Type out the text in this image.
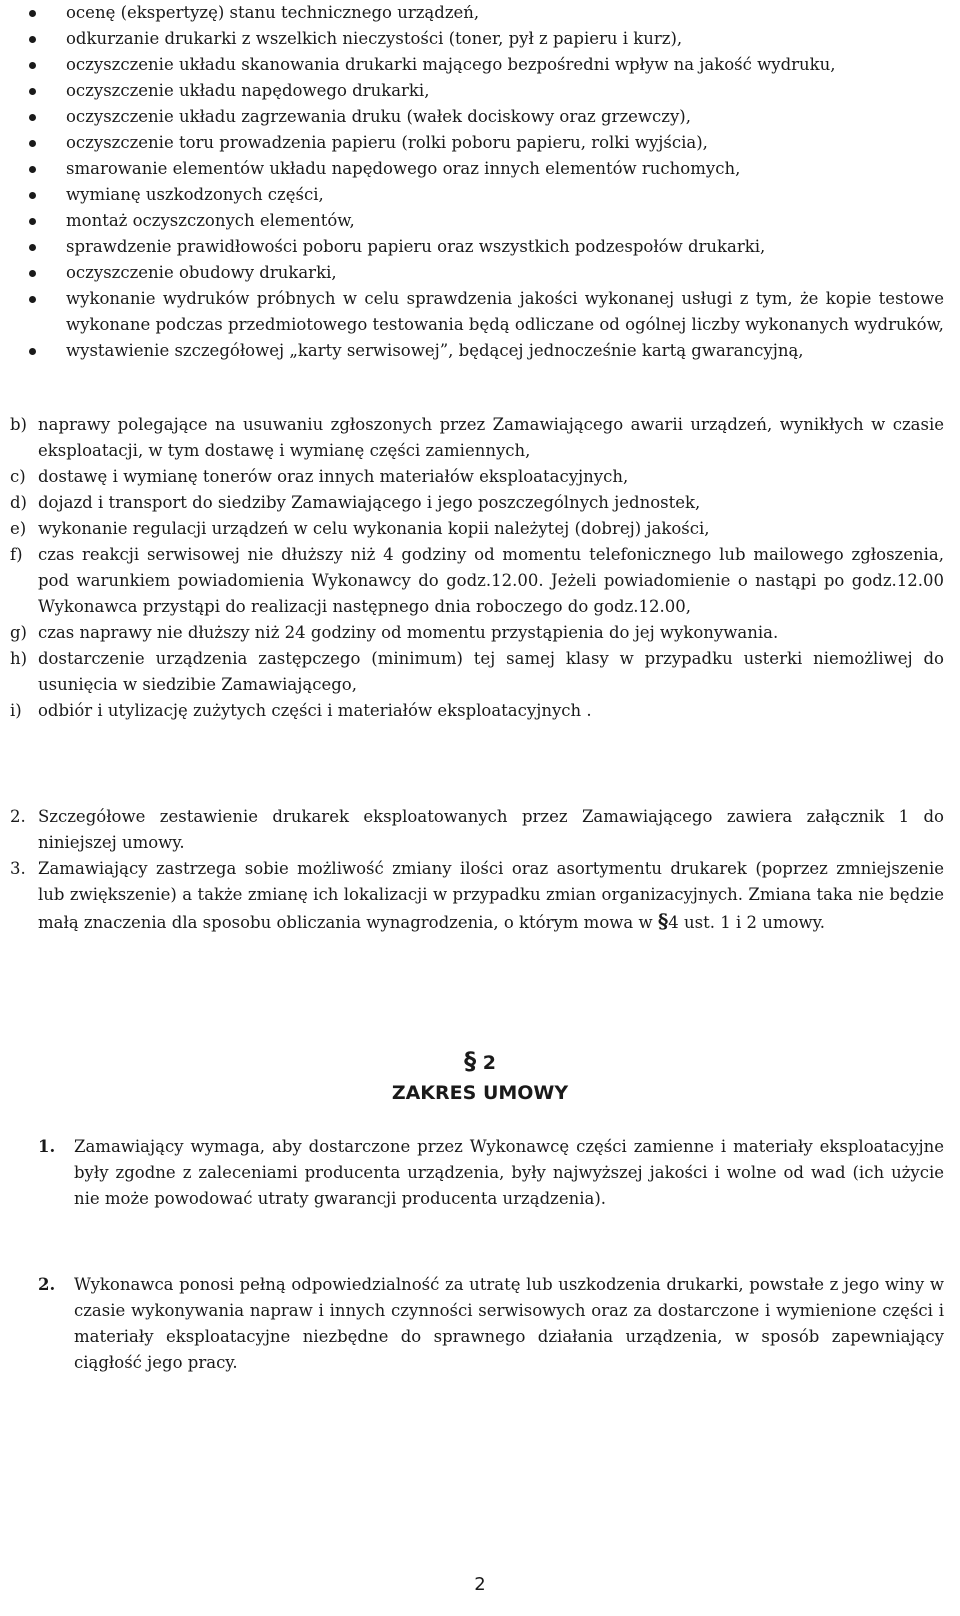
ocenę (ekspertyzę) stanu technicznego urządzeń,
odkurzanie drukarki z wszelkich nieczystości (toner, pył z papieru i kurz),
oczyszczenie układu skanowania drukarki mającego bezpośredni wpływ na jakość wydruku,
oczyszczenie układu napędowego drukarki,
oczyszczenie układu zagrzewania druku (wałek dociskowy oraz grzewczy),
oczyszczenie toru prowadzenia papieru (rolki poboru papieru, rolki wyjścia),
smarowanie elementów układu napędowego oraz innych elementów ruchomych,
wymianę uszkodzonych części,
montaż oczyszczonych elementów,
sprawdzenie prawidłowości poboru papieru oraz wszystkich podzespołów drukarki,
oczyszczenie obudowy drukarki,
wykonanie wydruków próbnych w celu sprawdzenia jakości wykonanej usługi z tym, że kopie testowe wykonane podczas przedmiotowego testowania będą odliczane od ogólnej liczby wykonanych wydruków,
wystawienie szczegółowej „karty serwisowej”, będącej jednocześnie kartą gwarancyjną,
b) naprawy polegające na usuwaniu zgłoszonych przez Zamawiającego awarii urządzeń, wynikłych w czasie eksploatacji, w tym dostawę i wymianę części zamiennych,
c) dostawę i wymianę tonerów oraz innych materiałów eksploatacyjnych,
d) dojazd i transport do siedziby Zamawiającego i jego poszczególnych jednostek,
e) wykonanie regulacji urządzeń w celu wykonania kopii należytej (dobrej) jakości,
f) czas reakcji serwisowej nie dłuższy niż 4 godziny od momentu telefonicznego lub mailowego zgłoszenia, pod warunkiem powiadomienia Wykonawcy do godz.12.00. Jeżeli powiadomienie o nastąpi po godz.12.00 Wykonawca przystąpi do realizacji następnego dnia roboczego do godz.12.00,
g) czas naprawy nie dłuższy niż 24 godziny od momentu przystąpienia do jej wykonywania.
h) dostarczenie urządzenia zastępczego (minimum) tej samej klasy w przypadku usterki niemożliwej do usunięcia w siedzibie Zamawiającego,
i) odbiór i utylizację zużytych części i materiałów eksploatacyjnych .
2. Szczegółowe zestawienie drukarek eksploatowanych przez Zamawiającego zawiera załącznik 1 do niniejszej umowy.
3. Zamawiający zastrzega sobie możliwość zmiany ilości oraz asortymentu drukarek (poprzez zmniejszenie lub zwiększenie) a także zmianę ich lokalizacji w przypadku zmian organizacyjnych. Zmiana taka nie będzie małą znaczenia dla sposobu obliczania wynagrodzenia, o którym mowa w §4 ust. 1 i 2 umowy.
§ 2
ZAKRES UMOWY
1. Zamawiający wymaga, aby dostarczone przez Wykonawcę części zamienne i materiały eksploatacyjne były zgodne z zaleceniami producenta urządzenia, były najwyższej jakości i wolne od wad (ich użycie nie może powodować utraty gwarancji producenta urządzenia).
2. Wykonawca ponosi pełną odpowiedzialność za utratę lub uszkodzenia drukarki, powstałe z jego winy w czasie wykonywania napraw i innych czynności serwisowych oraz za dostarczone i wymienione części i materiały eksploatacyjne niezbędne do sprawnego działania urządzenia, w sposób zapewniający ciągłość jego pracy.
2
